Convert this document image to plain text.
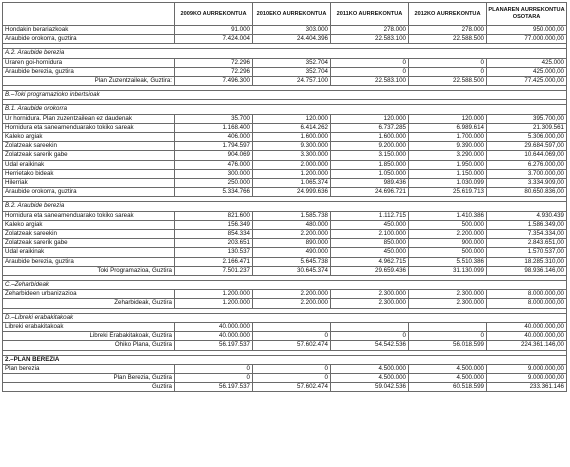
	2009KO AURREKONTUA	2010EKO AURREKONTUA	2011KO AURREKONTUA	2012KO AURREKONTUA	PLANAREN AURREKONTUA OSOTARA
Hondakin berariazkoak	91.000	303.000	278.000	278.000	950.000,00
Araubide orokorra, guztira	7.424.004	24.404.396	22.583.100	22.588.500	77.000.000,00

A.2. Araubide berezia					
Uraren goi-hornidura	72.296	352.704	0	0	425.000
Araubide berezia, guztira	72.296	352.704	0	0	425.000,00
Plan Zuzentzaileak, Guztira:	7.496.300	24.757.100	22.583.100	22.588.500	77.425.000,00

B.–Toki programazioko inbertsioak					

B.1. Araubide orokorra					
Ur hornidura. Plan zuzentzailean ez daudenak	35.700	120.000	120.000	120.000	395.700,00
Hornidura eta saneamenduarako tokiko sareak	1.168.400	6.414.262	6.737.285	6.989.614	21.309.561
Kaleko argiak	406.000	1.600.000	1.600.000	1.700.000	5.306.000,00
Zolatzeak sareekin	1.794.597	9.300.000	9.200.000	9.390.000	29.684.597,00
Zolatzeak sarerik gabe	904.069	3.300.000	3.150.000	3.290.000	10.644.069,00
Udal eraikinak	476.000	2.000.000	1.850.000	1.950.000	6.276.000,00
Herrietako bideak	300.000	1.200.000	1.050.000	1.150.000	3.700.000,00
Hilerriak	250.000	1.065.374	989.436	1.030.099	3.334.909,00
Araubide orokorra, guztira	5.334.766	24.999.636	24.696.721	25.619.713	80.650.836,00

B.2. Araubide berezia					
Hornidura eta saneamenduarako tokiko sareak	821.600	1.585.738	1.112.715	1.410.386	4.930.439
Kaleko argiak	156.349	480.000	450.000	500.000	1.586.349,00
Zolatzeak sareekin	854.334	2.200.000	2.100.000	2.200.000	7.354.334,00
Zolatzeak sarerik gabe	203.651	890.000	850.000	900.000	2.843.651,00
Udal eraikinak	130.537	490.000	450.000	500.000	1.570.537,00
Araubide berezia, guztira	2.166.471	5.645.738	4.962.715	5.510.386	18.285.310,00
Toki Programazioa, Guztira	7.501.237	30.645.374	29.659.436	31.130.099	98.936.146,00

C.–Zeharbideak					
Zeharbideen urbanizazioa	1.200.000	2.200.000	2.300.000	2.300.000	8.000.000,00
Zeharbideak, Guztira	1.200.000	2.200.000	2.300.000	2.300.000	8.000.000,00

D.–Libreki erabakitakoak					
Libreki erabakitakoak	40.000.000				40.000.000,00
Libreki Erabakitakoak, Guztira	40.000.000	0	0	0	40.000.000,00
Ohiko Plana, Guztira	56.197.537	57.602.474	54.542.536	56.018.599	224.361.146,00

2.–PLAN BEREZIA					
Plan berezia	0	0	4.500.000	4.500.000	9.000.000,00
Plan Berezia, Guztira	0	0	4.500.000	4.500.000	9.000.000,00
Guztira	56.197.537	57.602.474	59.042.536	60.518.599	233.361.146
